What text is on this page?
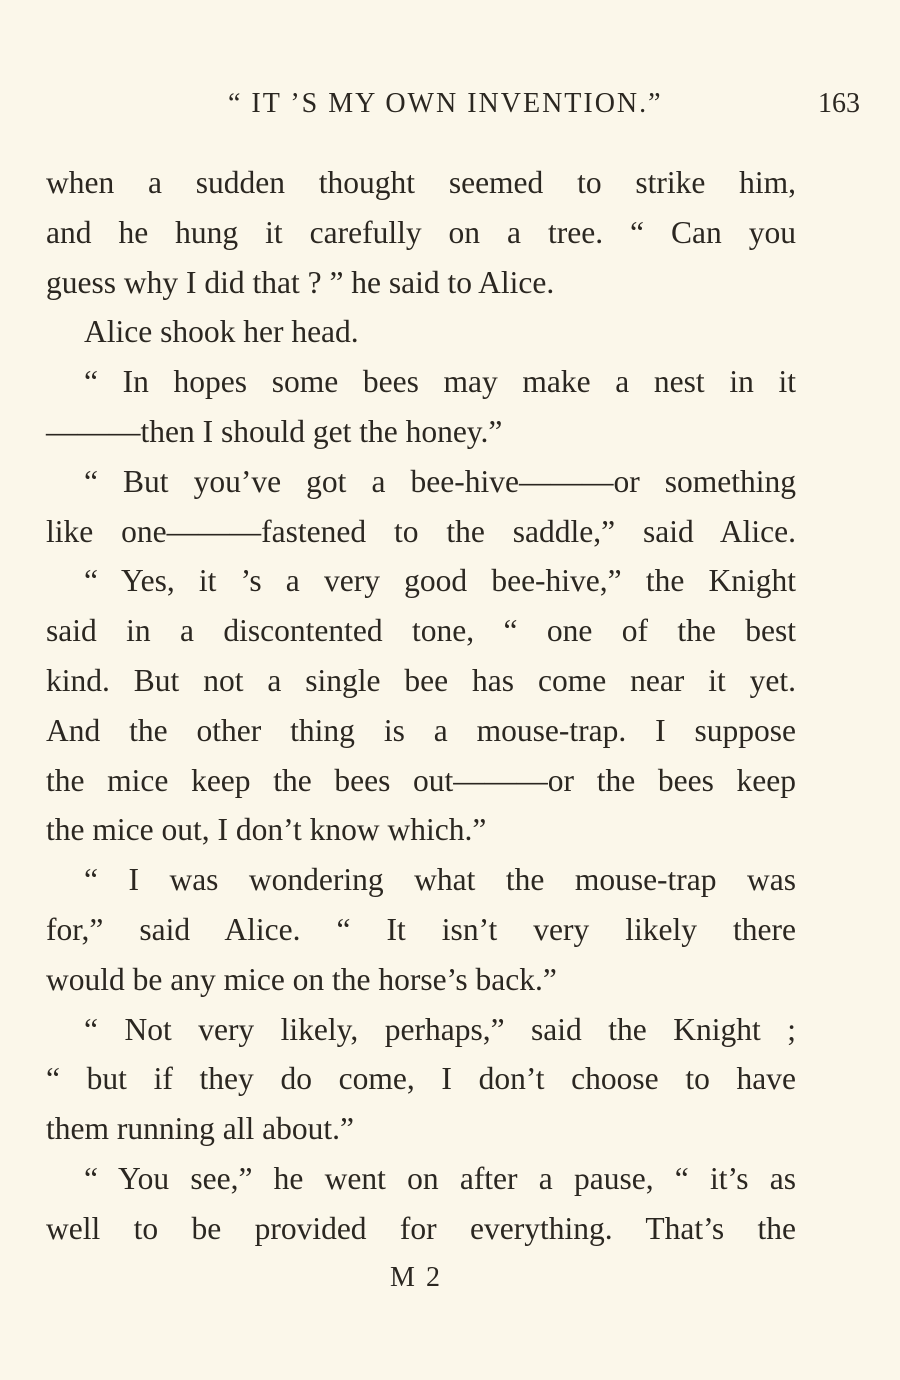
“ IT ’S MY OWN INVENTION.”	163
when a sudden thought seemed to strike him,
and he hung it carefully on a tree. “ Can you
guess why I did that ? ” he said to Alice.
Alice shook her head.
“ In hopes some bees may make a nest in it
———then I should get the honey.”
“ But you’ve got a bee-hive———or something
like one———fastened to the saddle,” said Alice.
“ Yes, it ’s a very good bee-hive,” the Knight
said in a discontented tone, “ one of the best
kind. But not a single bee has come near it yet.
And the other thing is a mouse-trap. I suppose
the mice keep the bees out———or the bees keep
the mice out, I don’t know which.”
“ I was wondering what the mouse-trap was
for,” said Alice. “ It isn’t very likely there
would be any mice on the horse’s back.”
“ Not very likely, perhaps,” said the Knight ;
“ but if they do come, I don’t choose to have
them running all about.”
“ You see,” he went on after a pause, “ it’s as
well to be provided for everything. That’s the
M 2
